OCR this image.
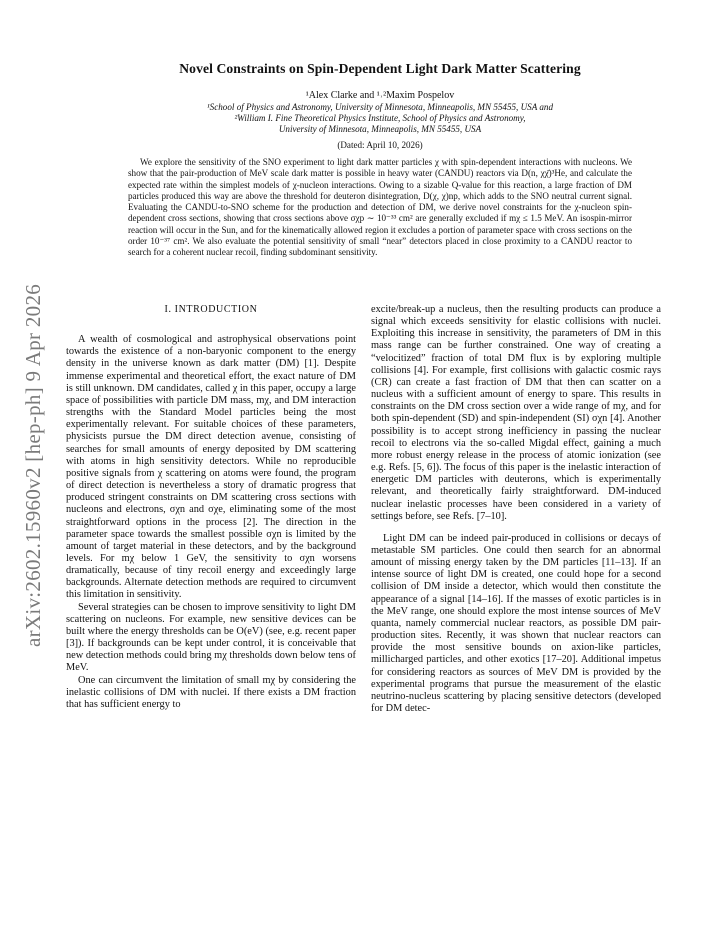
arXiv:2602.15960v2 [hep-ph] 9 Apr 2026
Novel Constraints on Spin-Dependent Light Dark Matter Scattering
¹Alex Clarke and ¹˒²Maxim Pospelov
¹School of Physics and Astronomy, University of Minnesota, Minneapolis, MN 55455, USA and
²William I. Fine Theoretical Physics Institute, School of Physics and Astronomy,
University of Minnesota, Minneapolis, MN 55455, USA
(Dated: April 10, 2026)
We explore the sensitivity of the SNO experiment to light dark matter particles χ with spin-dependent interactions with nucleons. We show that the pair-production of MeV scale dark matter is possible in heavy water (CANDU) reactors via D(n, χχ̄)³He, and calculate the expected rate within the simplest models of χ-nucleon interactions. Owing to a sizable Q-value for this reaction, a large fraction of DM particles produced this way are above the threshold for deuteron disintegration, D(χ, χ)np, which adds to the SNO neutral current signal. Evaluating the CANDU-to-SNO scheme for the production and detection of DM, we derive novel constraints for the χ-nucleon spin-dependent cross sections, showing that cross sections above σχp ∼ 10⁻³³ cm² are generally excluded if mχ ≤ 1.5 MeV. An isospin-mirror reaction will occur in the Sun, and for the kinematically allowed region it excludes a portion of parameter space with cross sections on the order 10⁻³⁷ cm². We also evaluate the potential sensitivity of small “near” detectors placed in close proximity to a CANDU reactor to search for a coherent nuclear recoil, finding subdominant sensitivity.
I. INTRODUCTION

A wealth of cosmological and astrophysical observations point towards the existence of a non-baryonic component to the energy density in the universe known as dark matter (DM) [1]. Despite immense experimental and theoretical effort, the exact nature of DM is still unknown. DM candidates, called χ in this paper, occupy a large space of possibilities with particle DM mass, mχ, and DM interaction strengths with the Standard Model particles being the most experimentally relevant. For suitable choices of these parameters, physicists pursue the DM direct detection avenue, consisting of searches for small amounts of energy deposited by DM scattering with atoms in high sensitivity detectors. While no reproducible positive signals from χ scattering on atoms were found, the program of direct detection is nevertheless a story of dramatic progress that produced stringent constraints on DM scattering cross sections with nucleons and electrons, σχn and σχe, eliminating some of the most straightforward options in the process [2]. The direction in the parameter space towards the smallest possible σχn is limited by the amount of target material in these detectors, and by the background levels. For mχ below 1 GeV, the sensitivity to σχn worsens dramatically, because of tiny recoil energy and exceedingly large backgrounds. Alternate detection methods are required to circumvent this limitation in sensitivity.

Several strategies can be chosen to improve sensitivity to light DM scattering on nucleons. For example, new sensitive devices can be built where the energy thresholds can be O(eV) (see, e.g. recent paper [3]). If backgrounds can be kept under control, it is conceivable that new detection methods could bring mχ thresholds down below tens of MeV.

One can circumvent the limitation of small mχ by considering the inelastic collisions of DM with nuclei. If there exists a DM fraction that has sufficient energy to

excite/break-up a nucleus, then the resulting products can produce a signal which exceeds sensitivity for elastic collisions with nuclei. Exploiting this increase in sensitivity, the parameters of DM in this mass range can be further constrained. One way of creating a “velocitized” fraction of total DM flux is by exploring multiple collisions [4]. For example, first collisions with galactic cosmic rays (CR) can create a fast fraction of DM that then can scatter on a nucleus with a sufficient amount of energy to spare. This results in constraints on the DM cross section over a wide range of mχ, and for both spin-dependent (SD) and spin-independent (SI) σχn [4]. Another possibility is to accept strong inefficiency in passing the nuclear recoil to electrons via the so-called Migdal effect, gaining a much more robust energy release in the process of atomic ionization (see e.g. Refs. [5, 6]). The focus of this paper is the inelastic interaction of energetic DM particles with deuterons, which is experimentally relevant, and theoretically fairly straightforward. DM-induced nuclear inelastic processes have been considered in a variety of settings before, see Refs. [7–10].

Light DM can be indeed pair-produced in collisions or decays of metastable SM particles. One could then search for an abnormal amount of missing energy taken by the DM particles [11–13]. If an intense source of light DM is created, one could hope for a second collision of DM inside a detector, which would then constitute the appearance of a signal [14–16]. If the masses of exotic particles is in the MeV range, one should explore the most intense sources of MeV quanta, namely commercial nuclear reactors, as possible DM pair-production sites. Recently, it was shown that nuclear reactors can provide the most sensitive bounds on axion-like particles, millicharged particles, and other exotics [17–20]. Additional impetus for considering reactors as sources of MeV DM is provided by the experimental programs that pursue the measurement of the elastic neutrino-nucleus scattering by placing sensitive detectors (developed for DM detec-
